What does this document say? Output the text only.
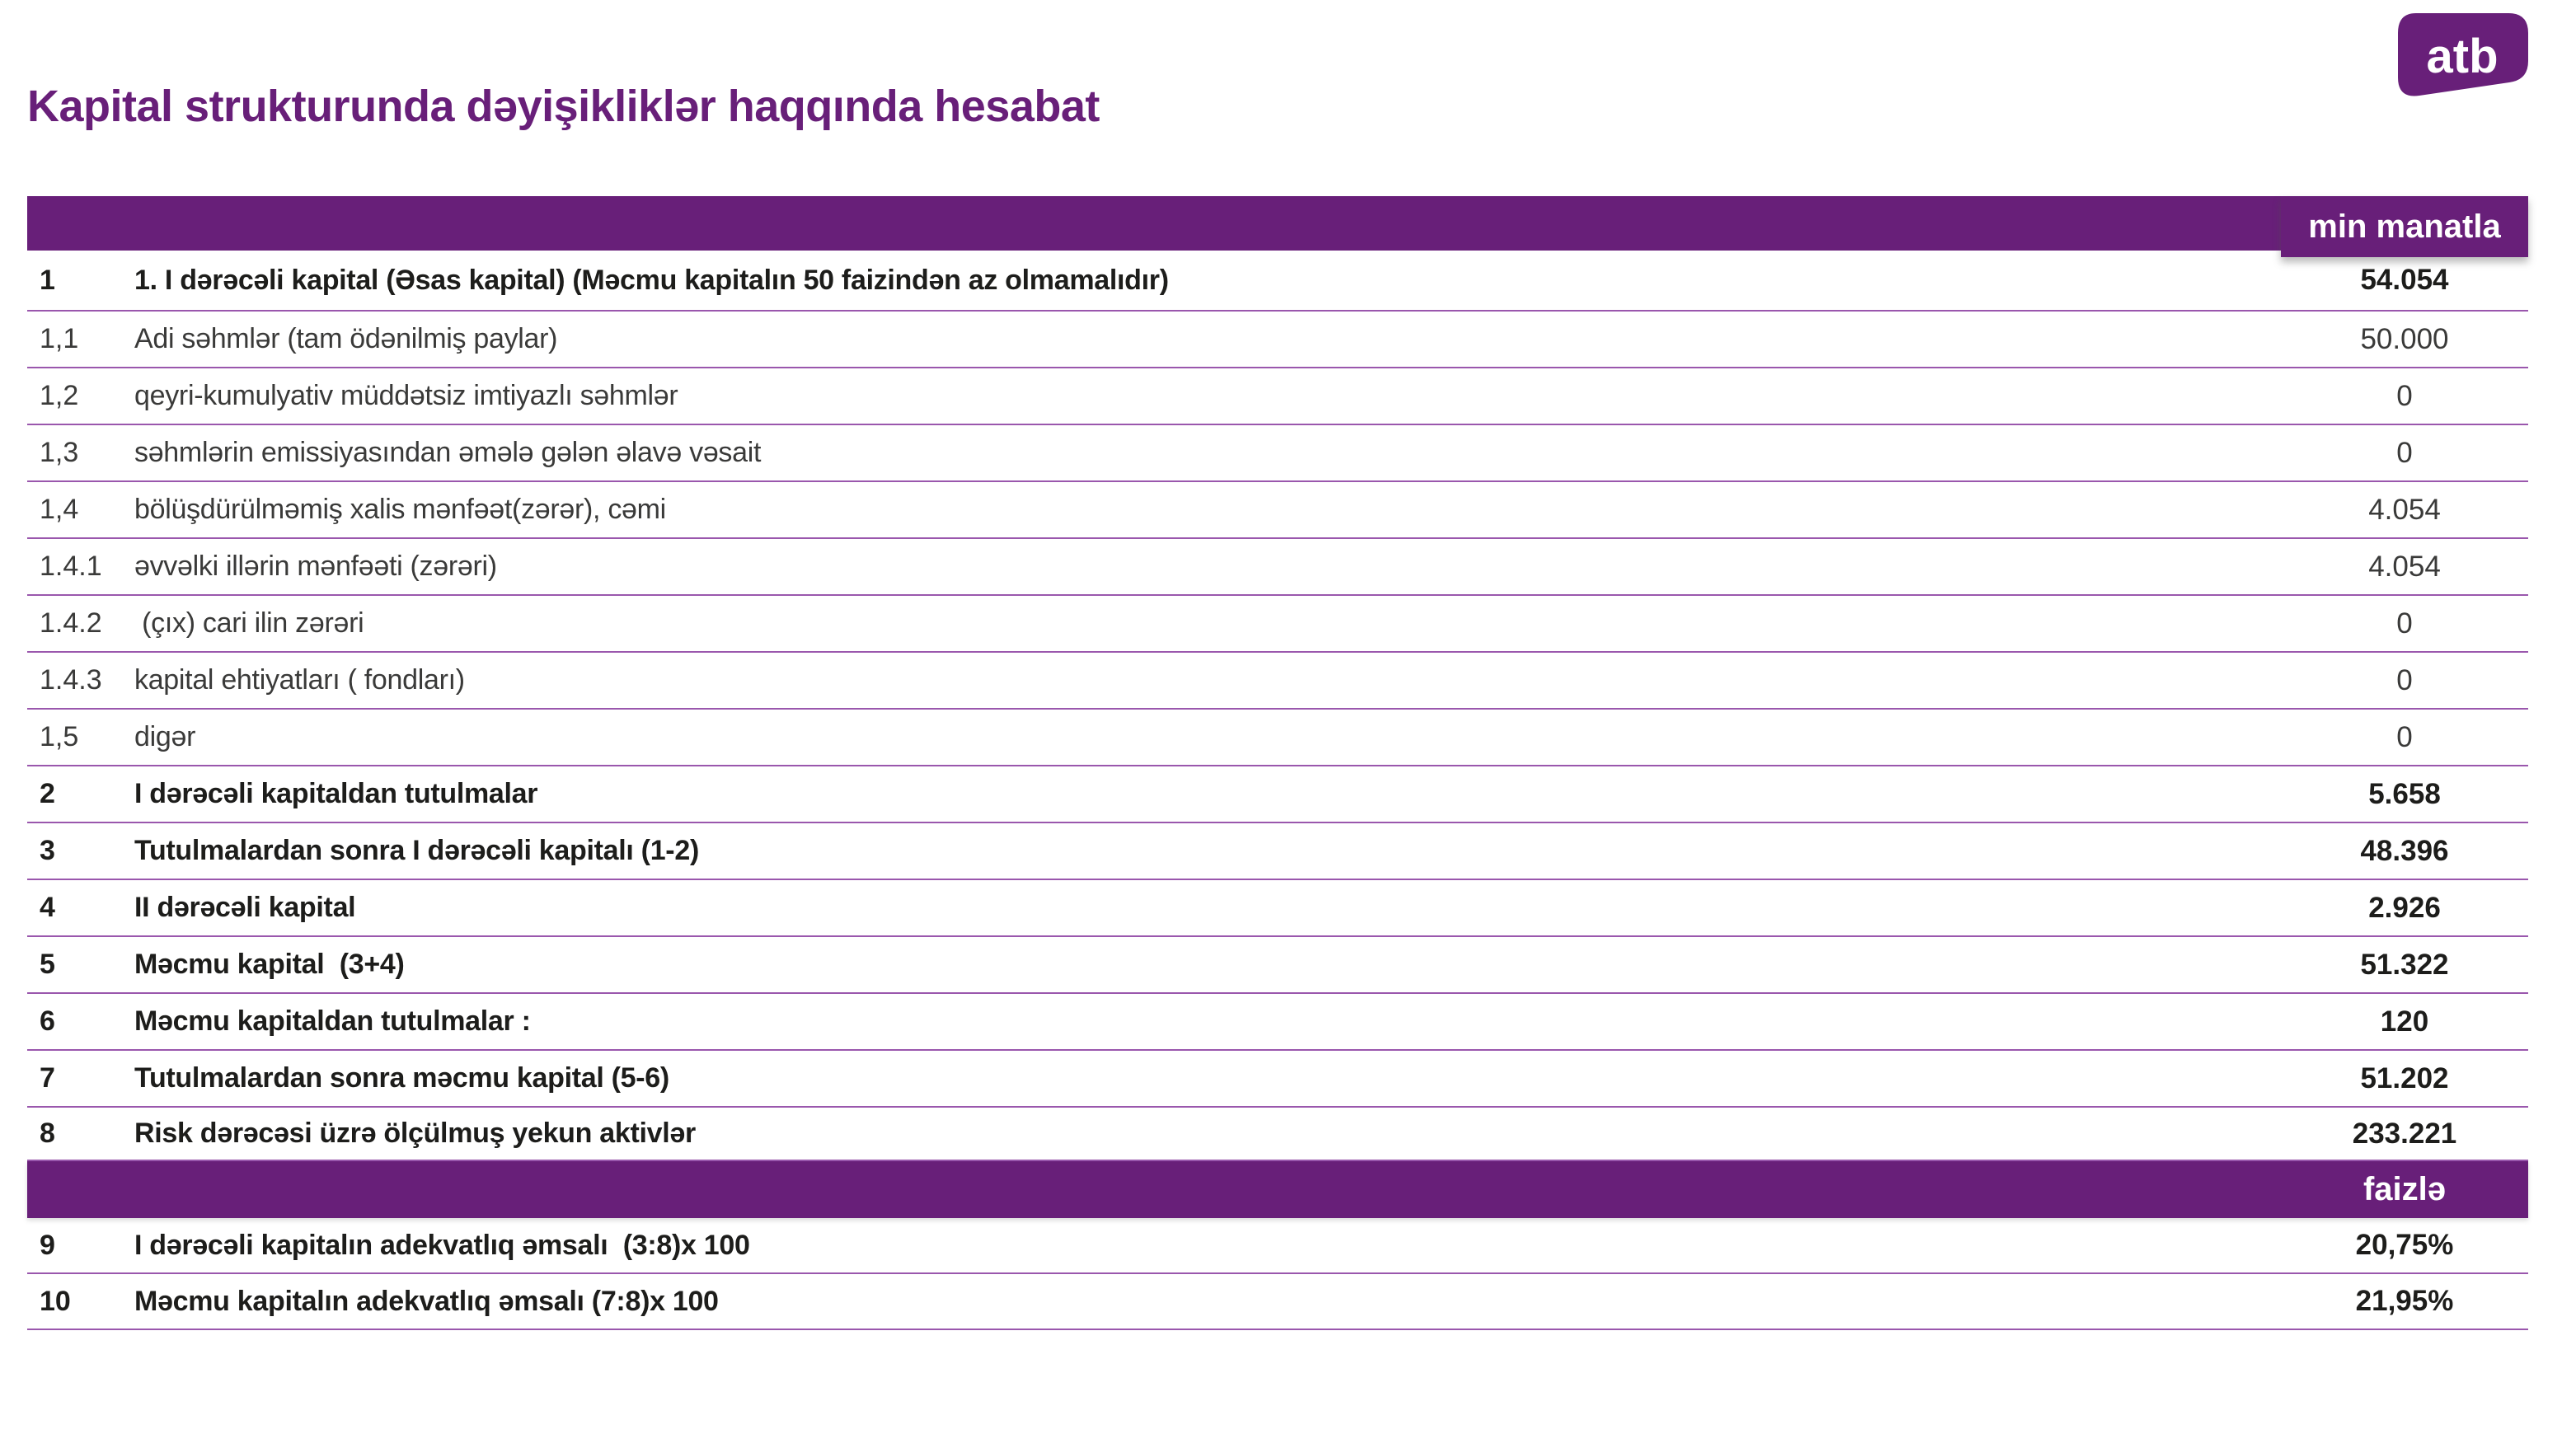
Kapital strukturunda dəyişikliklər haqqında hesabat
atb
min manatla
1	1. I dərəcəli kapital (Əsas kapital) (Məcmu kapitalın 50 faizindən az olmamalıdır)	54.054
1,1	Adi səhmlər (tam ödənilmiş paylar)	50.000
1,2	qeyri-kumulyativ müddətsiz imtiyazlı səhmlər	0
1,3	səhmlərin emissiyasından əmələ gələn əlavə vəsait	0
1,4	bölüşdürülməmiş xalis mənfəət(zərər), cəmi	4.054
1.4.1	əvvəlki illərin mənfəəti (zərəri)	4.054
1.4.2	(çıx) cari ilin zərəri	0
1.4.3	kapital ehtiyatları ( fondları)	0
1,5	digər	0
2	I dərəcəli kapitaldan tutulmalar	5.658
3	Tutulmalardan sonra I dərəcəli kapitalı (1-2)	48.396
4	II dərəcəli kapital	2.926
5	Məcmu kapital  (3+4)	51.322
6	Məcmu kapitaldan tutulmalar :	120
7	Tutulmalardan sonra məcmu kapital (5-6)	51.202
8	Risk dərəcəsi üzrə ölçülmuş yekun aktivlər	233.221
faizlə
9	I dərəcəli kapitalın adekvatlıq əmsalı  (3:8)x 100	20,75%
10	Məcmu kapitalın adekvatlıq əmsalı (7:8)x 100	21,95%
